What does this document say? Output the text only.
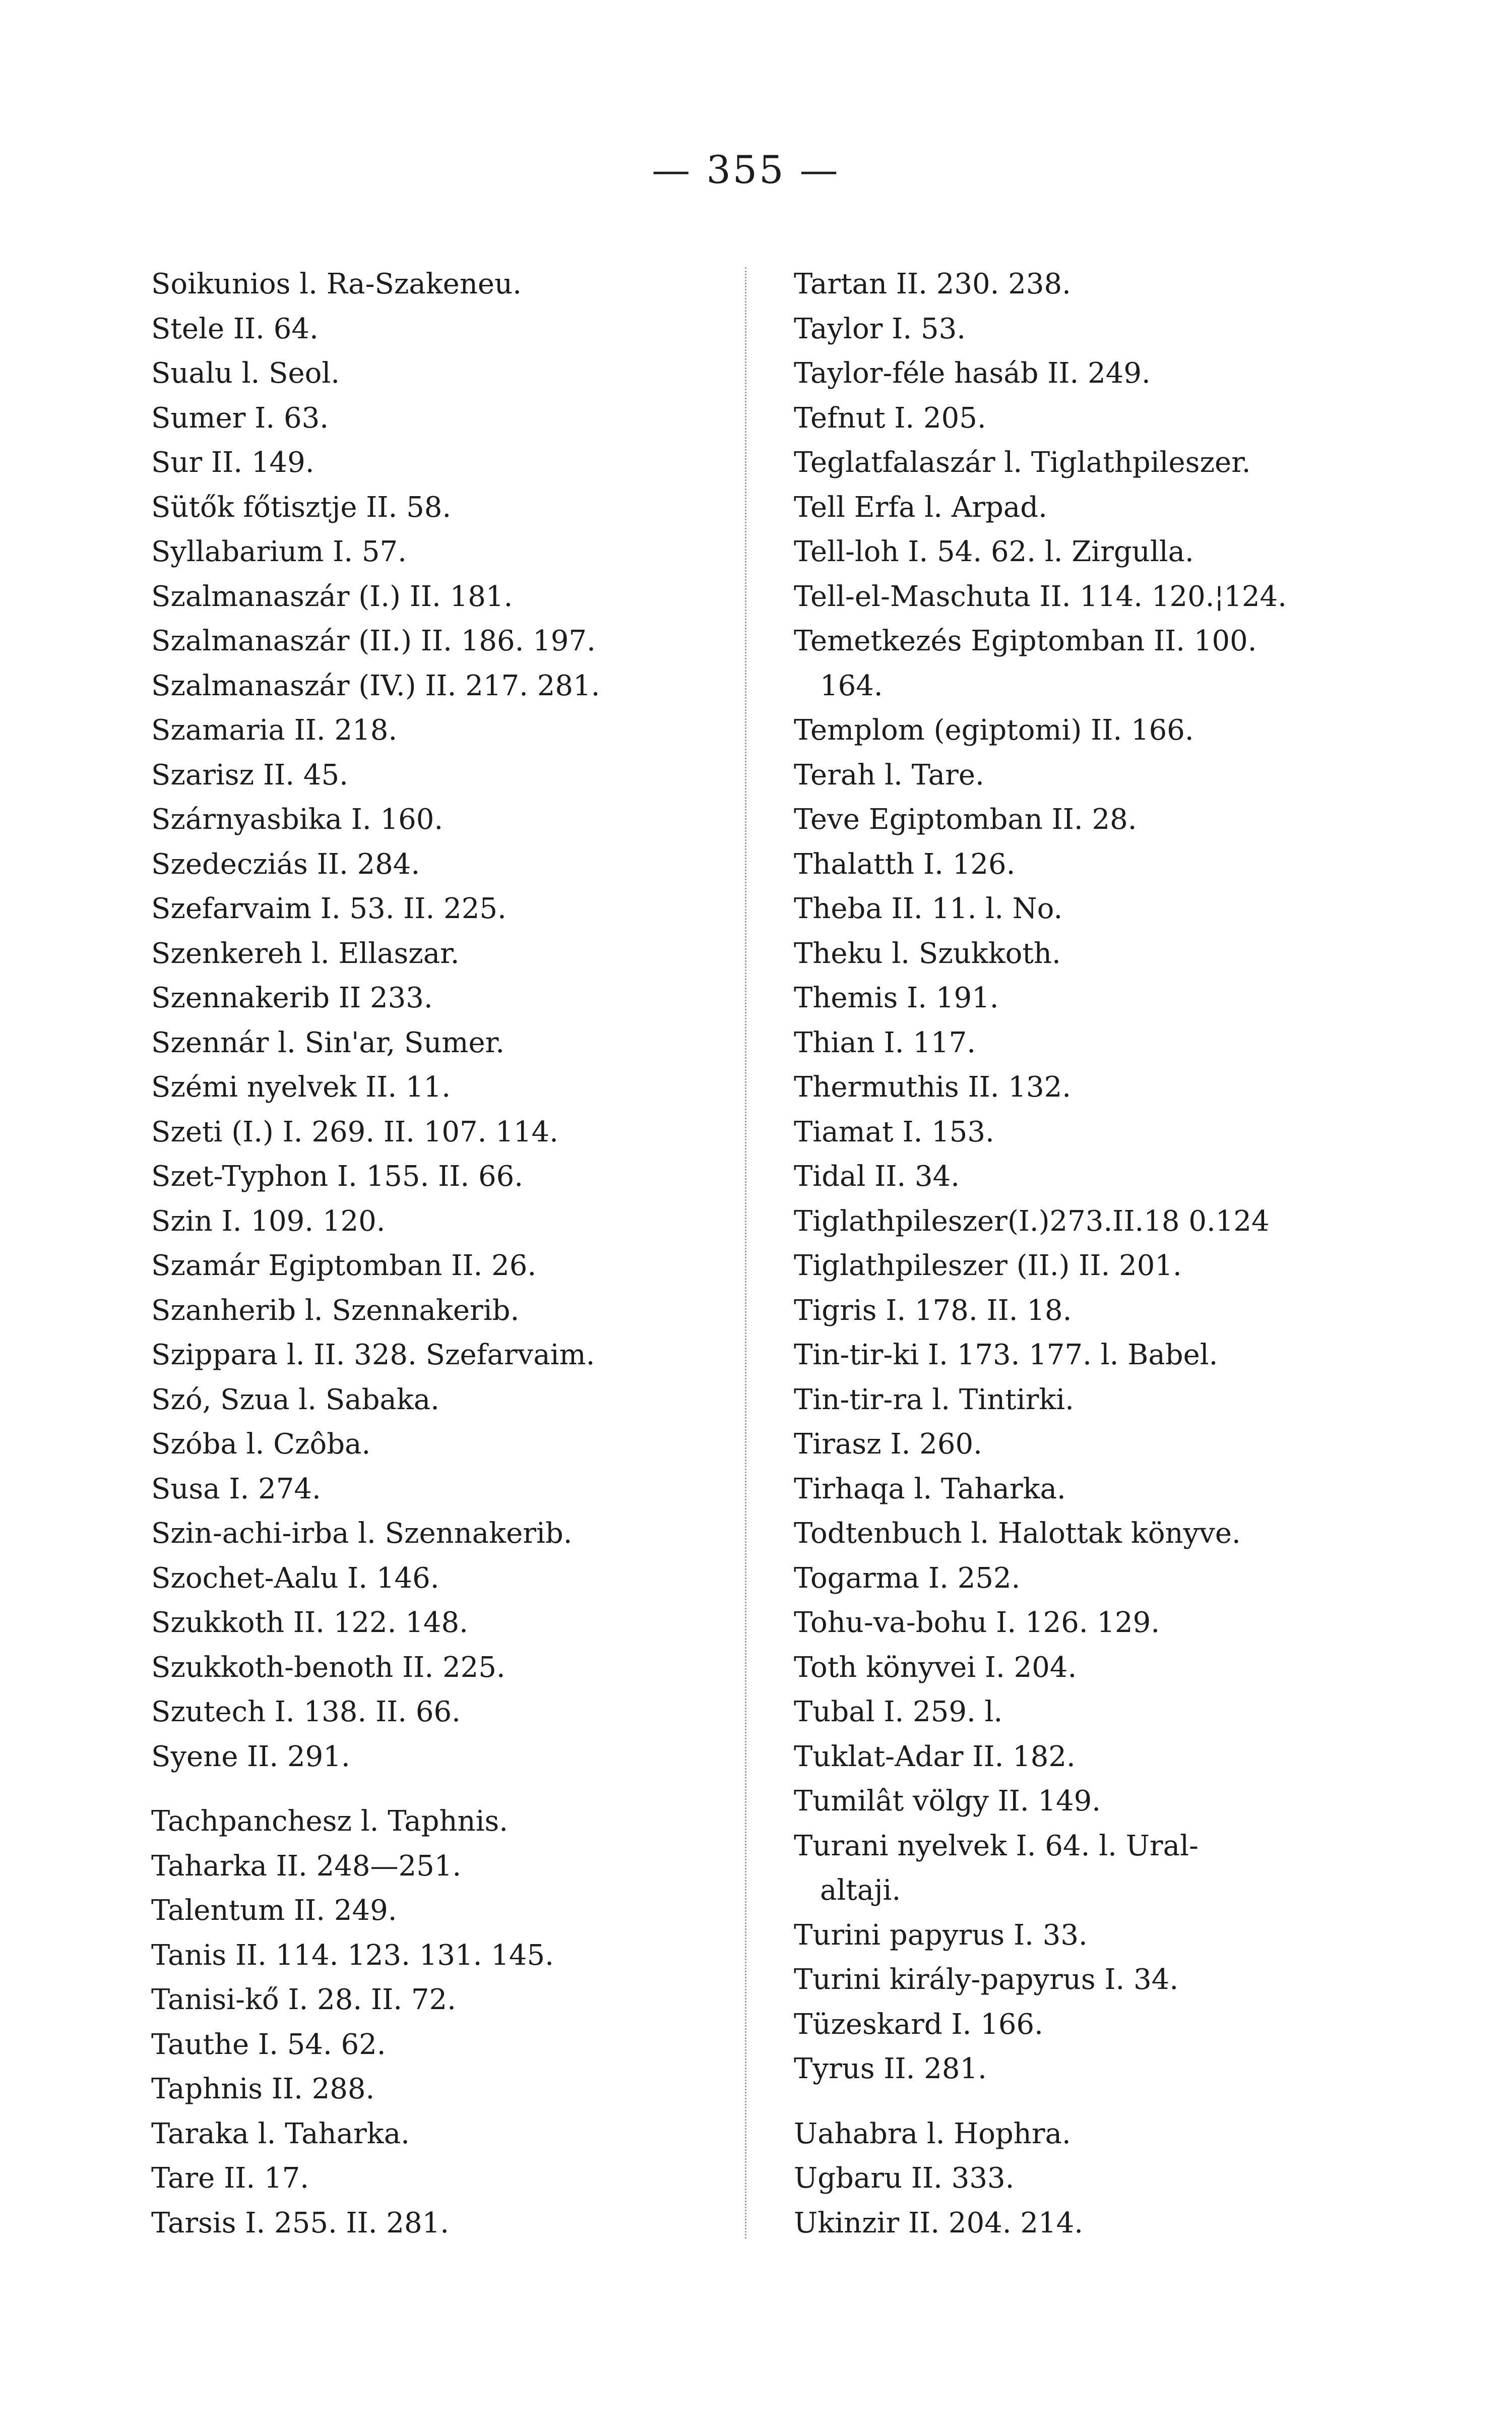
— 355 —
Soikunios l. Ra-Szakeneu.
Stele II. 64.
Sualu l. Seol.
Sumer I. 63.
Sur II. 149.
Sütők főtisztje II. 58.
Syllabarium I. 57.
Szalmanaszár (I.) II. 181.
Szalmanaszár (II.) II. 186. 197.
Szalmanaszár (IV.) II. 217. 281.
Szamaria II. 218.
Szarisz II. 45.
Szárnyasbika I. 160.
Szedecziás II. 284.
Szefarvaim I. 53. II. 225.
Szenkereh l. Ellaszar.
Szennakerib II 233.
Szennár l. Sin'ar, Sumer.
Szémi nyelvek II. 11.
Szeti (I.) I. 269. II. 107. 114.
Szet-Typhon I. 155. II. 66.
Szin I. 109. 120.
Szamár Egiptomban II. 26.
Szanherib l. Szennakerib.
Szippara l. II. 328. Szefarvaim.
Szó, Szua l. Sabaka.
Szóba l. Czôba.
Susa I. 274.
Szin-achi-irba l. Szennakerib.
Szochet-Aalu I. 146.
Szukkoth II. 122. 148.
Szukkoth-benoth II. 225.
Szutech I. 138. II. 66.
Syene II. 291.
Tachpanchesz l. Taphnis.
Taharka II. 248—251.
Talentum II. 249.
Tanis II. 114. 123. 131. 145.
Tanisi-kő I. 28. II. 72.
Tauthe I. 54. 62.
Taphnis II. 288.
Taraka l. Taharka.
Tare II. 17.
Tarsis I. 255. II. 281.
Tartan II. 230. 238.
Taylor I. 53.
Taylor-féle hasáb II. 249.
Tefnut I. 205.
Teglatfalaszár l. Tiglathpileszer.
Tell Erfa l. Arpad.
Tell-loh I. 54. 62. l. Zirgulla.
Tell-el-Maschuta II. 114. 120.¦124.
Temetkezés Egiptomban II. 100.
164.
Templom (egiptomi) II. 166.
Terah l. Tare.
Teve Egiptomban II. 28.
Thalatth I. 126.
Theba II. 11. l. No.
Theku l. Szukkoth.
Themis I. 191.
Thian I. 117.
Thermuthis II. 132.
Tiamat I. 153.
Tidal II. 34.
Tiglathpileszer(I.)273.II.18 0.124
Tiglathpileszer (II.) II. 201.
Tigris I. 178. II. 18.
Tin-tir-ki I. 173. 177. l. Babel.
Tin-tir-ra l. Tintirki.
Tirasz I. 260.
Tirhaqa l. Taharka.
Todtenbuch l. Halottak könyve.
Togarma I. 252.
Tohu-va-bohu I. 126. 129.
Toth könyvei I. 204.
Tubal I. 259. l.
Tuklat-Adar II. 182.
Tumilât völgy II. 149.
Turani nyelvek I. 64. l. Ural-
altaji.
Turini papyrus I. 33.
Turini király-papyrus I. 34.
Tüzeskard I. 166.
Tyrus II. 281.
Uahabra l. Hophra.
Ugbaru II. 333.
Ukinzir II. 204. 214.
